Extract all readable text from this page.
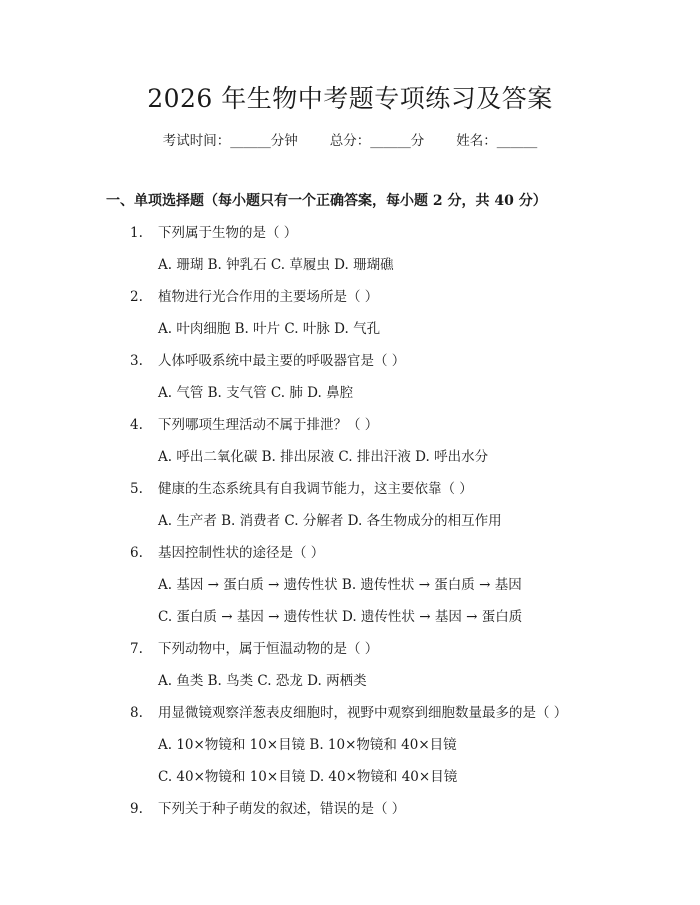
2026 年生物中考题专项练习及答案
考试时间：______分钟 总分：______分 姓名：______
一、单项选择题（每小题只有一个正确答案，每小题 2 分，共 40 分）
1. 下列属于生物的是（ ）
A. 珊瑚 B. 钟乳石 C. 草履虫 D. 珊瑚礁
2. 植物进行光合作用的主要场所是（ ）
A. 叶肉细胞 B. 叶片 C. 叶脉 D. 气孔
3. 人体呼吸系统中最主要的呼吸器官是（ ）
A. 气管 B. 支气管 C. 肺 D. 鼻腔
4. 下列哪项生理活动不属于排泄？（ ）
A. 呼出二氧化碳 B. 排出尿液 C. 排出汗液 D. 呼出水分
5. 健康的生态系统具有自我调节能力，这主要依靠（ ）
A. 生产者 B. 消费者 C. 分解者 D. 各生物成分的相互作用
6. 基因控制性状的途径是（ ）
A. 基因 → 蛋白质 → 遗传性状 B. 遗传性状 → 蛋白质 → 基因
C. 蛋白质 → 基因 → 遗传性状 D. 遗传性状 → 基因 → 蛋白质
7. 下列动物中，属于恒温动物的是（ ）
A. 鱼类 B. 鸟类 C. 恐龙 D. 两栖类
8. 用显微镜观察洋葱表皮细胞时，视野中观察到细胞数量最多的是（ ）
A. 10×物镜和 10×目镜 B. 10×物镜和 40×目镜
C. 40×物镜和 10×目镜 D. 40×物镜和 40×目镜
9. 下列关于种子萌发的叙述，错误的是（ ）
